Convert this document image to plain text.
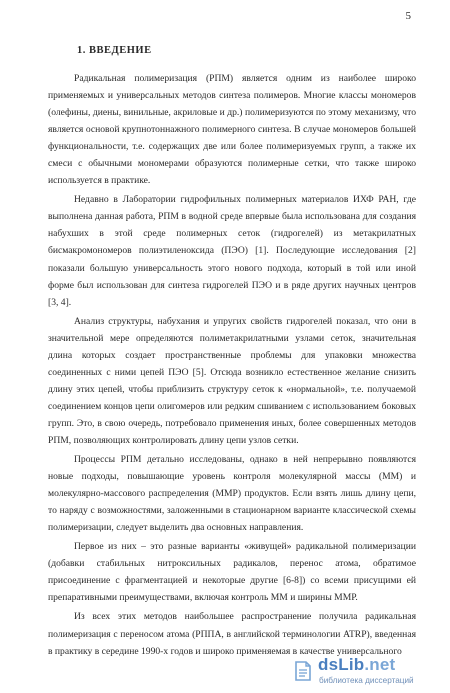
5
1. ВВЕДЕНИЕ

Радикальная полимеризация (РПМ) является одним из наиболее широко применяемых и универсальных методов синтеза полимеров. Многие классы мономеров (олефины, диены, винильные, акриловые и др.) полимеризуются по этому механизму, что является основой крупнотоннажного полимерного синтеза. В случае мономеров большей функциональности, т.е. содержащих две или более полимеризуемых групп, а также их смеси с обычными мономерами образуются полимерные сетки, что также широко используется в практике.

Недавно в Лаборатории гидрофильных полимерных материалов ИХФ РАН, где выполнена данная работа, РПМ в водной среде впервые была использована для создания набухших в этой среде полимерных сеток (гидрогелей) из метакрилатных бисмакромономеров полиэтиленоксида (ПЭО) [1]. Последующие исследования [2] показали большую универсальность этого нового подхода, который в той или иной форме был использован для синтеза гидрогелей ПЭО и в ряде других научных центров [3, 4].

Анализ структуры, набухания и упругих свойств гидрогелей показал, что они в значительной мере определяются полиметакрилатными узлами сеток, значительная длина которых создает пространственные проблемы для упаковки множества соединенных с ними цепей ПЭО [5]. Отсюда возникло естественное желание снизить длину этих цепей, чтобы приблизить структуру сеток к «нормальной», т.е. получаемой соединением концов цепи олигомеров или редким сшиванием с использованием боковых групп. Это, в свою очередь, потребовало применения иных, более совершенных методов РПМ, позволяющих контролировать длину цепи узлов сетки.

Процессы РПМ детально исследованы, однако в ней непрерывно появляются новые подходы, повышающие уровень контроля молекулярной массы (ММ) и молекулярно-массового распределения (ММР) продуктов. Если взять лишь длину цепи, то наряду с возможностями, заложенными в стационарном варианте классической схемы полимеризации, следует выделить два основных направления.

Первое из них – это разные варианты «живущей» радикальной полимеризации (добавки стабильных нитроксильных радикалов, перенос атома, обратимое присоединение с фрагментацией и некоторые другие [6-8]) со всеми присущими ей препаративными преимуществами, включая контроль ММ и ширины ММР.

Из всех этих методов наибольшее распространение получила радикальная полимеризация с переносом атома (РППА, в английской терминологии ATRP), введенная в практику в середине 1990-х годов и широко применяемая в качестве универсального

dsLib.net
библиотека диссертаций
